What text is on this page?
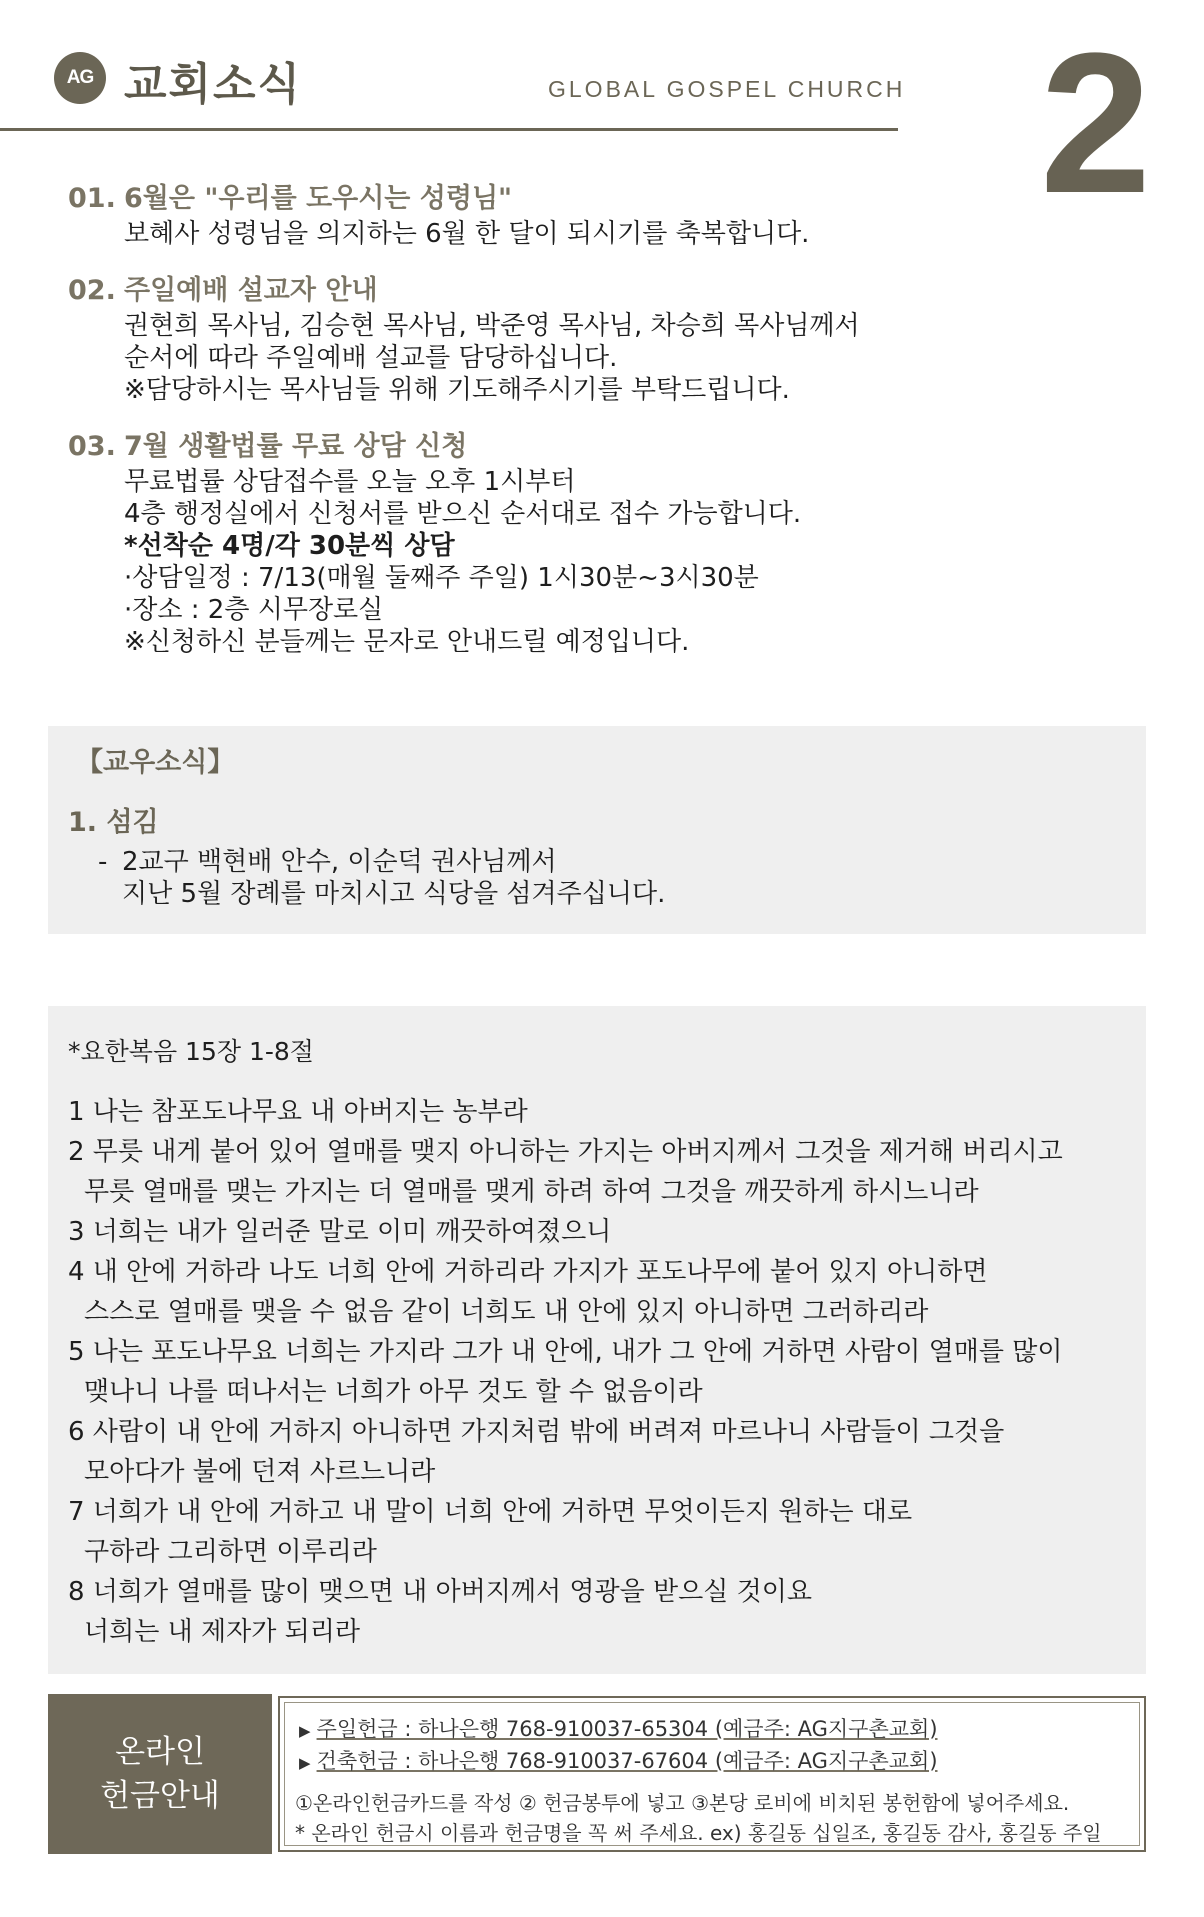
AG 교회소식	GLOBAL GOSPEL CHURCH 2
01. 6월은 "우리를 도우시는 성령님"
보혜사 성령님을 의지하는 6월 한 달이 되시기를 축복합니다.
02. 주일예배 설교자 안내
권현희 목사님, 김승현 목사님, 박준영 목사님, 차승희 목사님께서
순서에 따라 주일예배 설교를 담당하십니다.
※담당하시는 목사님들 위해 기도해주시기를 부탁드립니다.
03. 7월 생활법률 무료 상담 신청
무료법률 상담접수를 오늘 오후 1시부터
4층 행정실에서 신청서를 받으신 순서대로 접수 가능합니다.
*선착순 4명/각 30분씩 상담
·상담일정 : 7/13(매월 둘째주 주일) 1시30분~3시30분
·장소 : 2층 시무장로실
※신청하신 분들께는 문자로 안내드릴 예정입니다.
【교우소식】
1. 섬김
- 2교구 백현배 안수, 이순덕 권사님께서
지난 5월 장례를 마치시고 식당을 섬겨주십니다.
*요한복음 15장 1-8절
1 나는 참포도나무요 내 아버지는 농부라
2 무릇 내게 붙어 있어 열매를 맺지 아니하는 가지는 아버지께서 그것을 제거해 버리시고
무릇 열매를 맺는 가지는 더 열매를 맺게 하려 하여 그것을 깨끗하게 하시느니라
3 너희는 내가 일러준 말로 이미 깨끗하여졌으니
4 내 안에 거하라 나도 너희 안에 거하리라 가지가 포도나무에 붙어 있지 아니하면
스스로 열매를 맺을 수 없음 같이 너희도 내 안에 있지 아니하면 그러하리라
5 나는 포도나무요 너희는 가지라 그가 내 안에, 내가 그 안에 거하면 사람이 열매를 많이
맺나니 나를 떠나서는 너희가 아무 것도 할 수 없음이라
6 사람이 내 안에 거하지 아니하면 가지처럼 밖에 버려져 마르나니 사람들이 그것을
모아다가 불에 던져 사르느니라
7 너희가 내 안에 거하고 내 말이 너희 안에 거하면 무엇이든지 원하는 대로
구하라 그리하면 이루리라
8 너희가 열매를 많이 맺으면 내 아버지께서 영광을 받으실 것이요
너희는 내 제자가 되리라
온라인
헌금안내
▶ 주일헌금 : 하나은행 768-910037-65304 (예금주: AG지구촌교회)
▶ 건축헌금 : 하나은행 768-910037-67604 (예금주: AG지구촌교회)
①온라인헌금카드를 작성 ② 헌금봉투에 넣고 ③본당 로비에 비치된 봉헌함에 넣어주세요.
* 온라인 헌금시 이름과 헌금명을 꼭 써 주세요. ex) 홍길동 십일조, 홍길동 감사, 홍길동 주일
